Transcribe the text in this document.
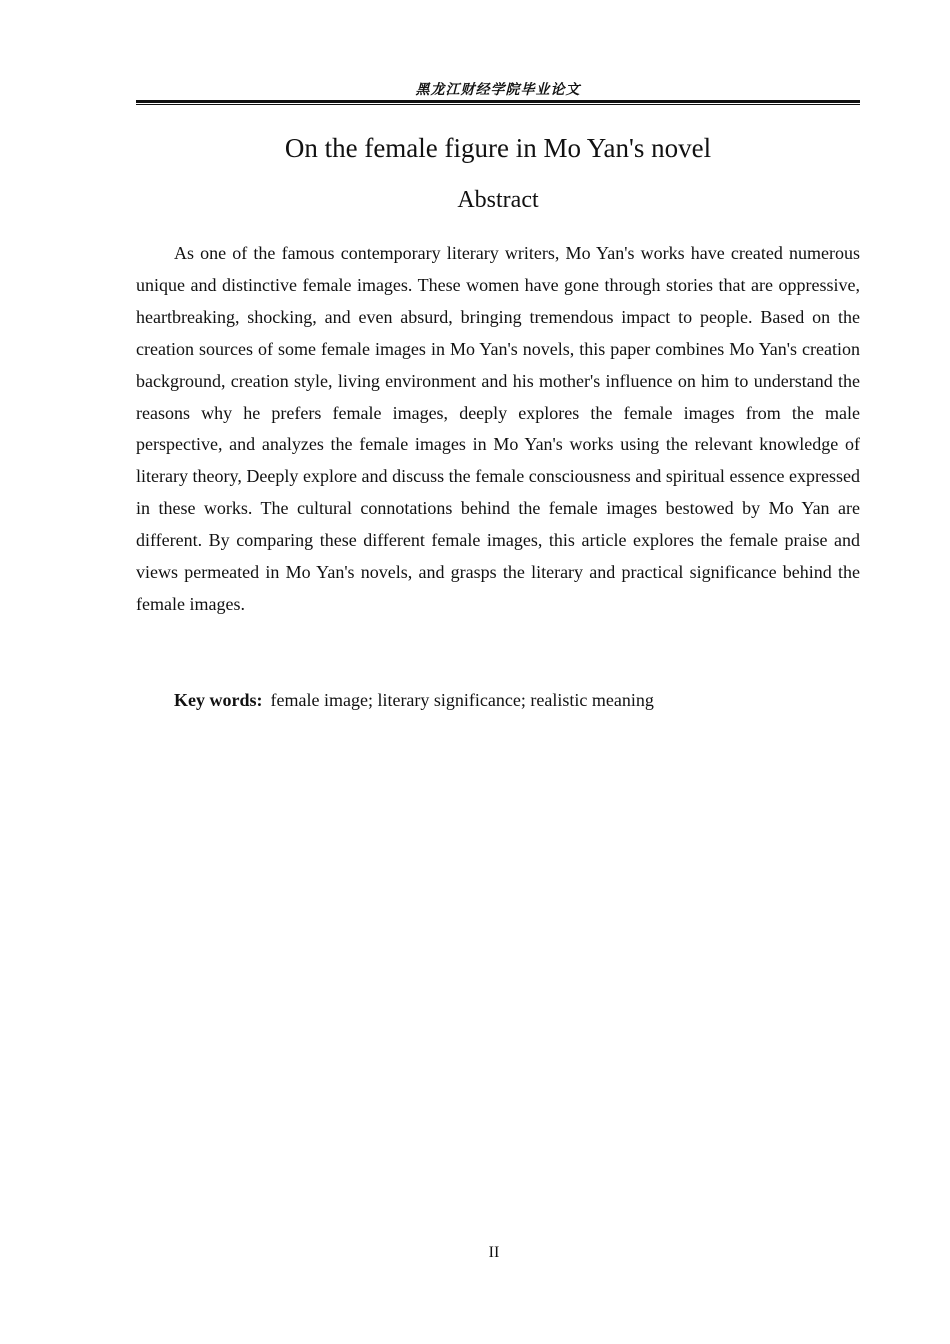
黑龙江财经学院毕业论文
On the female figure in Mo Yan's novel
Abstract

As one of the famous contemporary literary writers, Mo Yan's works have created numerous unique and distinctive female images. These women have gone through stories that are oppressive, heartbreaking, shocking, and even absurd, bringing tremendous impact to people. Based on the creation sources of some female images in Mo Yan's novels, this paper combines Mo Yan's creation background, creation style, living environment and his mother's influence on him to understand the reasons why he prefers female images, deeply explores the female images from the male perspective, and analyzes the female images in Mo Yan's works using the relevant knowledge of literary theory, Deeply explore and discuss the female consciousness and spiritual essence expressed in these works. The cultural connotations behind the female images bestowed by Mo Yan are different. By comparing these different female images, this article explores the female praise and views permeated in Mo Yan's novels, and grasps the literary and practical significance behind the female images.

Key words: female image; literary significance; realistic meaning
II
